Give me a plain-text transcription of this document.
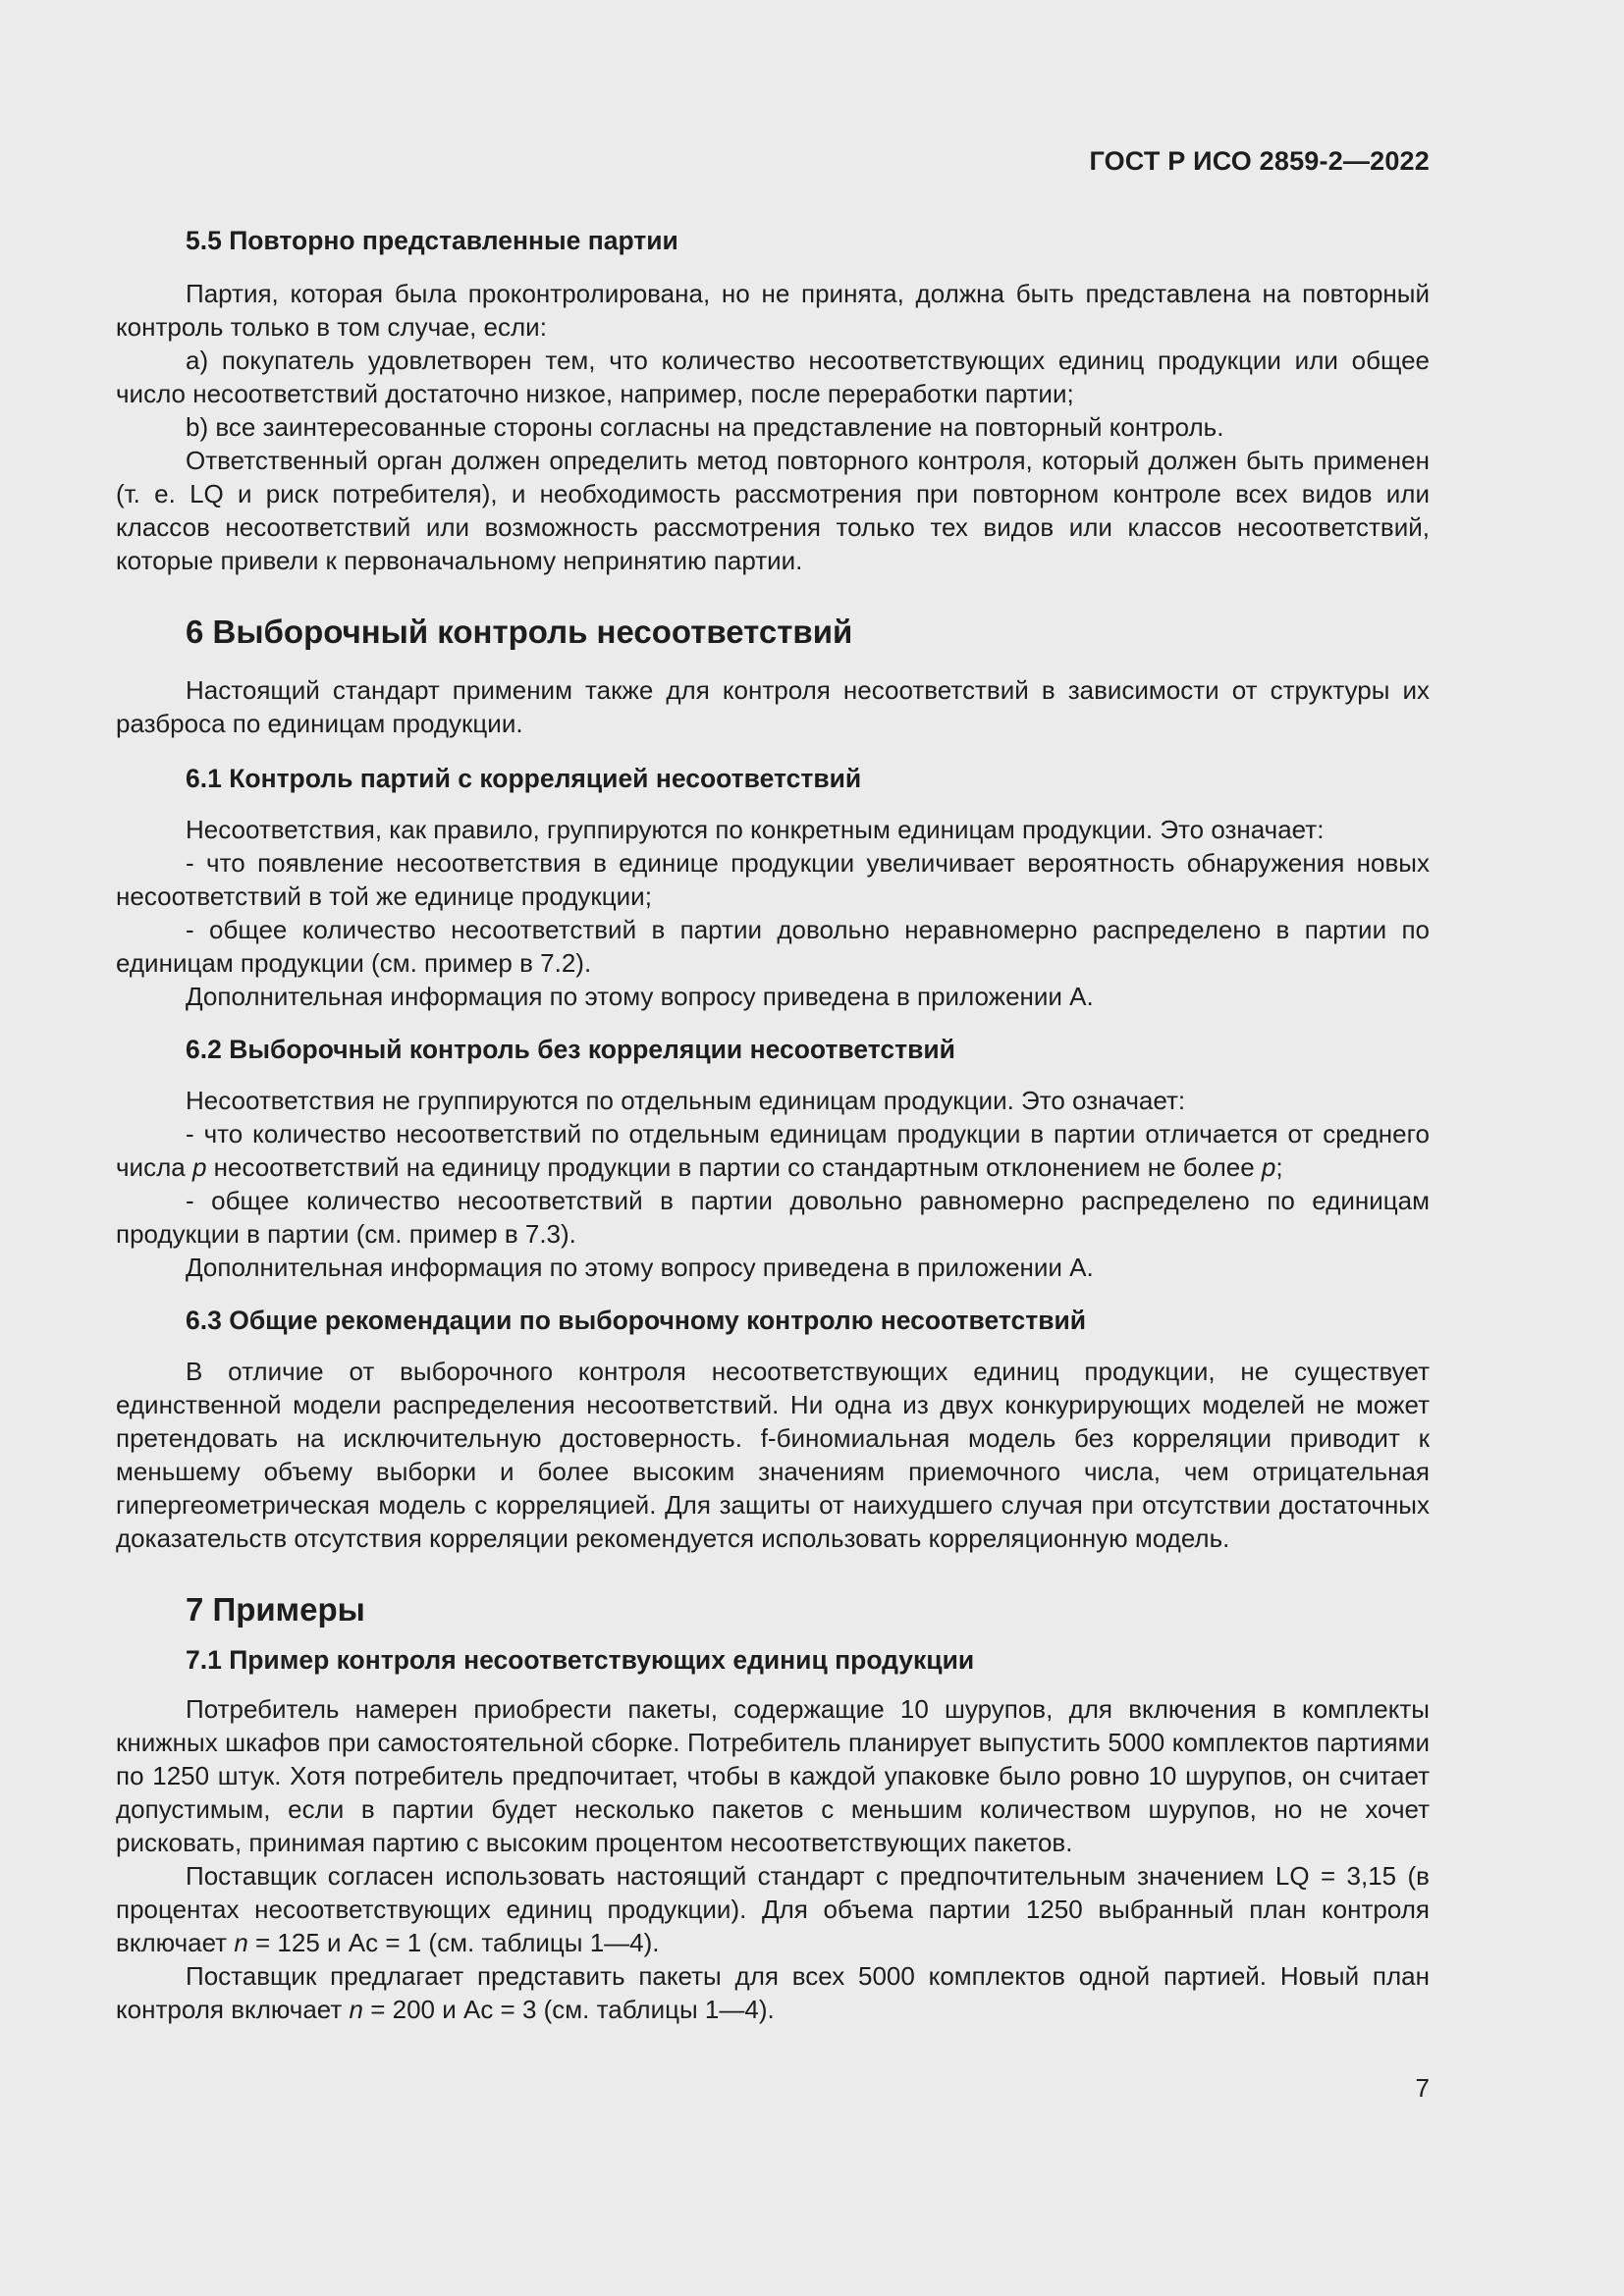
ГОСТ Р ИСО 2859-2—2022
5.5 Повторно представленные партии

Партия, которая была проконтролирована, но не принята, должна быть представлена на повторный контроль только в том случае, если:

a) покупатель удовлетворен тем, что количество несоответствующих единиц продукции или общее число несоответствий достаточно низкое, например, после переработки партии;

b) все заинтересованные стороны согласны на представление на повторный контроль.

Ответственный орган должен определить метод повторного контроля, который должен быть применен (т. е. LQ и риск потребителя), и необходимость рассмотрения при повторном контроле всех видов или классов несоответствий или возможность рассмотрения только тех видов или классов несоответствий, которые привели к первоначальному непринятию партии.

6 Выборочный контроль несоответствий

Настоящий стандарт применим также для контроля несоответствий в зависимости от структуры их разброса по единицам продукции.

6.1 Контроль партий с корреляцией несоответствий

Несоответствия, как правило, группируются по конкретным единицам продукции. Это означает:

- что появление несоответствия в единице продукции увеличивает вероятность обнаружения новых несоответствий в той же единице продукции;

- общее количество несоответствий в партии довольно неравномерно распределено в партии по единицам продукции (см. пример в 7.2).

Дополнительная информация по этому вопросу приведена в приложении А.

6.2 Выборочный контроль без корреляции несоответствий

Несоответствия не группируются по отдельным единицам продукции. Это означает:

- что количество несоответствий по отдельным единицам продукции в партии отличается от среднего числа p несоответствий на единицу продукции в партии со стандартным отклонением не более p;

- общее количество несоответствий в партии довольно равномерно распределено по единицам продукции в партии (см. пример в 7.3).

Дополнительная информация по этому вопросу приведена в приложении А.

6.3 Общие рекомендации по выборочному контролю несоответствий

В отличие от выборочного контроля несоответствующих единиц продукции, не существует единственной модели распределения несоответствий. Ни одна из двух конкурирующих моделей не может претендовать на исключительную достоверность. f-биномиальная модель без корреляции приводит к меньшему объему выборки и более высоким значениям приемочного числа, чем отрицательная гипергеометрическая модель с корреляцией. Для защиты от наихудшего случая при отсутствии достаточных доказательств отсутствия корреляции рекомендуется использовать корреляционную модель.

7 Примеры
7.1 Пример контроля несоответствующих единиц продукции

Потребитель намерен приобрести пакеты, содержащие 10 шурупов, для включения в комплекты книжных шкафов при самостоятельной сборке. Потребитель планирует выпустить 5000 комплектов партиями по 1250 штук. Хотя потребитель предпочитает, чтобы в каждой упаковке было ровно 10 шурупов, он считает допустимым, если в партии будет несколько пакетов с меньшим количеством шурупов, но не хочет рисковать, принимая партию с высоким процентом несоответствующих пакетов.

Поставщик согласен использовать настоящий стандарт с предпочтительным значением LQ = 3,15 (в процентах несоответствующих единиц продукции). Для объема партии 1250 выбранный план контроля включает n = 125 и Ас = 1 (см. таблицы 1—4).

Поставщик предлагает представить пакеты для всех 5000 комплектов одной партией. Новый план контроля включает n = 200 и Ас = 3 (см. таблицы 1—4).

7
